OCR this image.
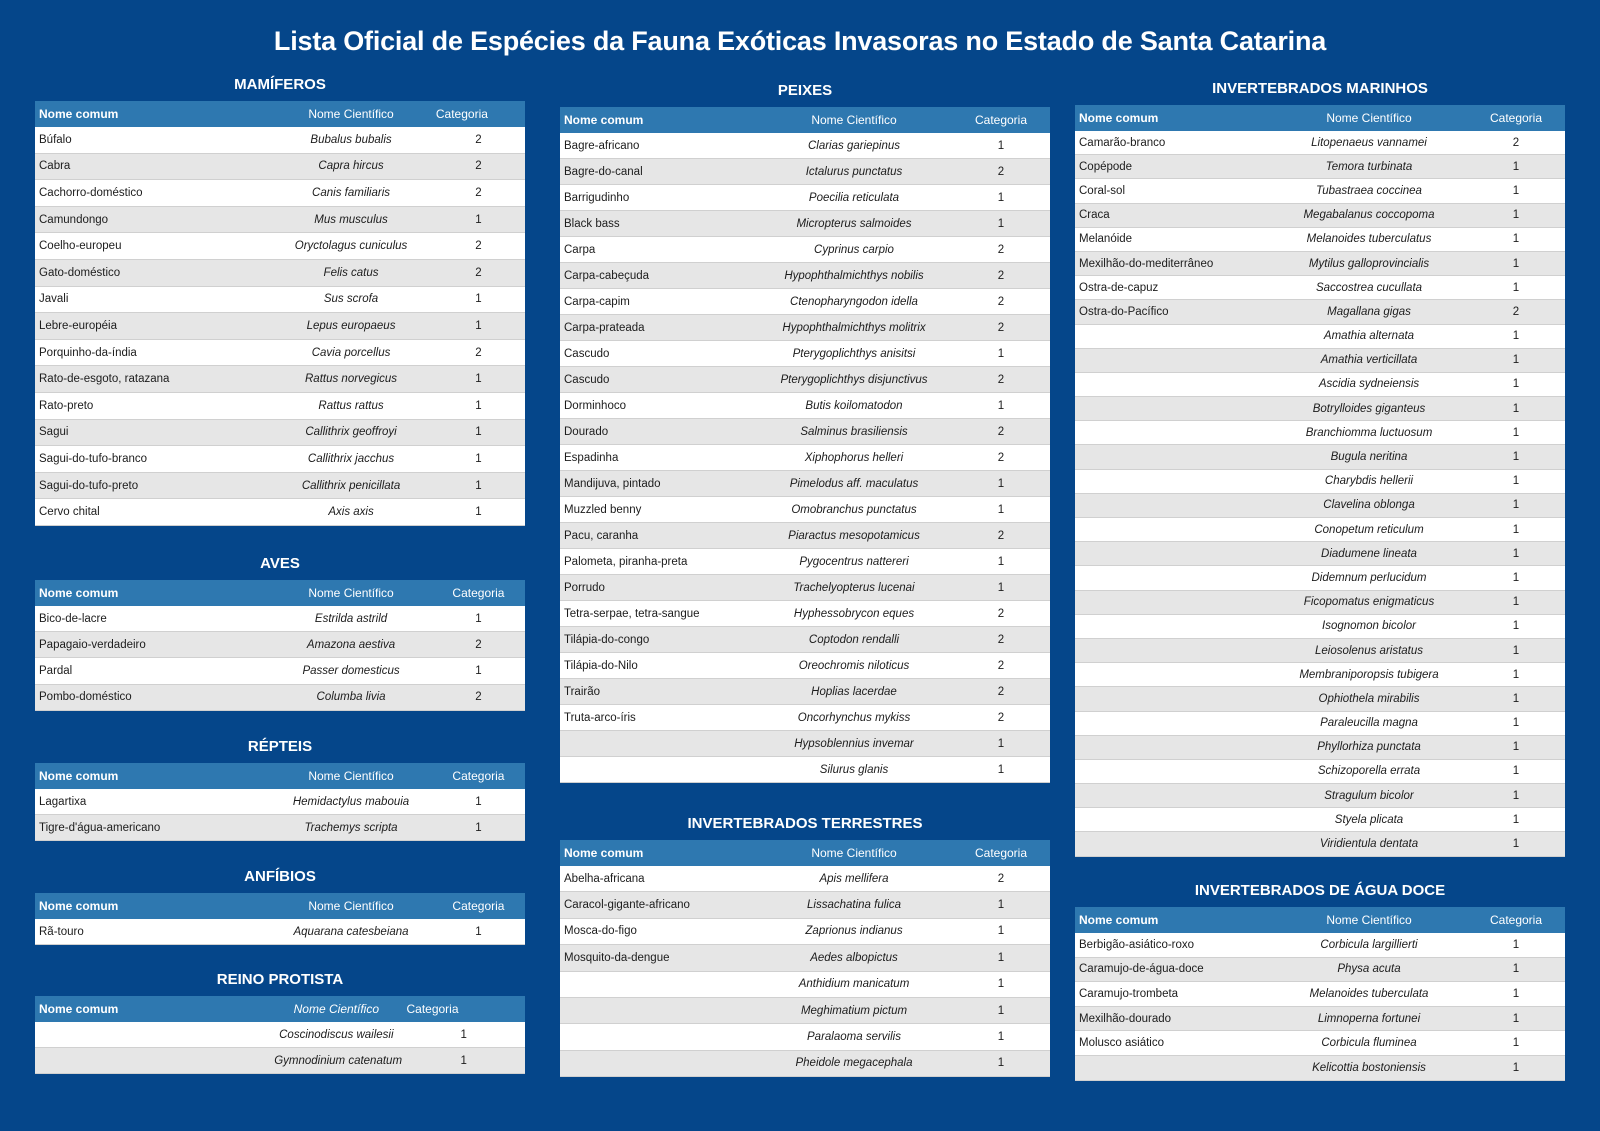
Lista Oficial de Espécies da Fauna Exóticas Invasoras no Estado de Santa Catarina
MAMÍFEROS
Nome comum	Nome Científico	Categoria
Búfalo	Bubalus bubalis	2
Cabra	Capra hircus	2
Cachorro-doméstico	Canis familiaris	2
Camundongo	Mus musculus	1
Coelho-europeu	Oryctolagus cuniculus	2
Gato-doméstico	Felis catus	2
Javali	Sus scrofa	1
Lebre-européia	Lepus europaeus	1
Porquinho-da-índia	Cavia porcellus	2
Rato-de-esgoto, ratazana	Rattus norvegicus	1
Rato-preto	Rattus rattus	1
Sagui	Callithrix geoffroyi	1
Sagui-do-tufo-branco	Callithrix jacchus	1
Sagui-do-tufo-preto	Callithrix penicillata	1
Cervo chital	Axis axis	1
AVES
Nome comum	Nome Científico	Categoria
Bico-de-lacre	Estrilda astrild	1
Papagaio-verdadeiro	Amazona aestiva	2
Pardal	Passer domesticus	1
Pombo-doméstico	Columba livia	2
RÉPTEIS
Nome comum	Nome Científico	Categoria
Lagartixa	Hemidactylus mabouia	1
Tigre-d'água-americano	Trachemys scripta	1
ANFÍBIOS
Nome comum	Nome Científico	Categoria
Rã-touro	Aquarana catesbeiana	1
REINO PROTISTA
Nome comum	Nome Científico	Categoria
	Coscinodiscus wailesii	1
	Gymnodinium catenatum	1
PEIXES
Nome comum	Nome Científico	Categoria
Bagre-africano	Clarias gariepinus	1
Bagre-do-canal	Ictalurus punctatus	2
Barrigudinho	Poecilia reticulata	1
Black bass	Micropterus salmoides	1
Carpa	Cyprinus carpio	2
Carpa-cabeçuda	Hypophthalmichthys nobilis	2
Carpa-capim	Ctenopharyngodon idella	2
Carpa-prateada	Hypophthalmichthys molitrix	2
Cascudo	Pterygoplichthys anisitsi	1
Cascudo	Pterygoplichthys disjunctivus	2
Dorminhoco	Butis koilomatodon	1
Dourado	Salminus brasiliensis	2
Espadinha	Xiphophorus helleri	2
Mandijuva, pintado	Pimelodus aff. maculatus	1
Muzzled benny	Omobranchus punctatus	1
Pacu, caranha	Piaractus mesopotamicus	2
Palometa, piranha-preta	Pygocentrus nattereri	1
Porrudo	Trachelyopterus lucenai	1
Tetra-serpae, tetra-sangue	Hyphessobrycon eques	2
Tilápia-do-congo	Coptodon rendalli	2
Tilápia-do-Nilo	Oreochromis niloticus	2
Trairão	Hoplias lacerdae	2
Truta-arco-íris	Oncorhynchus mykiss	2
	Hypsoblennius invemar	1
	Silurus glanis	1
INVERTEBRADOS TERRESTRES
Nome comum	Nome Científico	Categoria
Abelha-africana	Apis mellifera	2
Caracol-gigante-africano	Lissachatina fulica	1
Mosca-do-figo	Zaprionus indianus	1
Mosquito-da-dengue	Aedes albopictus	1
	Anthidium manicatum	1
	Meghimatium pictum	1
	Paralaoma servilis	1
	Pheidole megacephala	1
INVERTEBRADOS MARINHOS
Nome comum	Nome Científico	Categoria
Camarão-branco	Litopenaeus vannamei	2
Copépode	Temora turbinata	1
Coral-sol	Tubastraea coccinea	1
Craca	Megabalanus coccopoma	1
Melanóide	Melanoides tuberculatus	1
Mexilhão-do-mediterrâneo	Mytilus galloprovincialis	1
Ostra-de-capuz	Saccostrea cucullata	1
Ostra-do-Pacífico	Magallana gigas	2
	Amathia alternata	1
	Amathia verticillata	1
	Ascidia sydneiensis	1
	Botrylloides giganteus	1
	Branchiomma luctuosum	1
	Bugula neritina	1
	Charybdis hellerii	1
	Clavelina oblonga	1
	Conopetum reticulum	1
	Diadumene lineata	1
	Didemnum perlucidum	1
	Ficopomatus enigmaticus	1
	Isognomon bicolor	1
	Leiosolenus aristatus	1
	Membraniporopsis tubigera	1
	Ophiothela mirabilis	1
	Paraleucilla magna	1
	Phyllorhiza punctata	1
	Schizoporella errata	1
	Stragulum bicolor	1
	Styela plicata	1
	Viridientula dentata	1
INVERTEBRADOS DE ÁGUA DOCE
Nome comum	Nome Científico	Categoria
Berbigão-asiático-roxo	Corbicula largillierti	1
Caramujo-de-água-doce	Physa acuta	1
Caramujo-trombeta	Melanoides tuberculata	1
Mexilhão-dourado	Limnoperna fortunei	1
Molusco asiático	Corbicula fluminea	1
	Kelicottia bostoniensis	1
